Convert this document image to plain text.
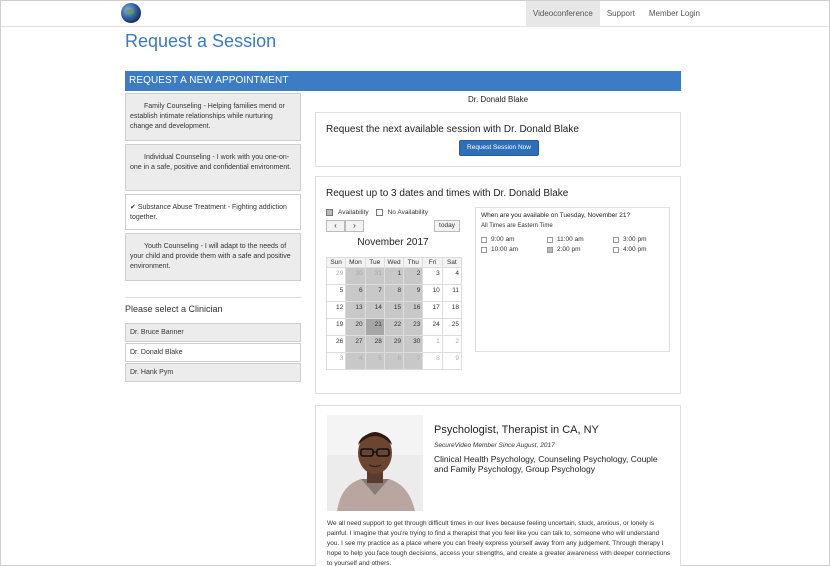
Videoconference	Support	Member Login
Request a Session
REQUEST A NEW APPOINTMENT
Family Counseling - Helping families mend or establish intimate relationships while nurturing change and development.
Individual Counseling - I work with you one-on-one in a safe, positive and confidential environment.
✔ Substance Abuse Treatment - Fighting addiction together.
Youth Counseling - I will adapt to the needs of your child and provide them with a safe and positive environment.
Please select a Clinician
Dr. Bruce Banner
Dr. Donald Blake
Dr. Hank Pym
Dr. Donald Blake
Request the next available session with Dr. Donald Blake
Request Session Now
Request up to 3 dates and times with Dr. Donald Blake
Availability	No Availability
‹	›	today
November 2017
Sun	Mon	Tue	Wed	Thu	Fri	Sat
29	30	31	1	2	3	4
5	6	7	8	9	10	11
12	13	14	15	16	17	18
19	20	21	22	23	24	25
26	27	28	29	30	1	2
3	4	5	6	7	8	9
When are you available on Tuesday, November 21?
All Times are Eastern Time
9:00 am	11:00 am	3:00 pm
10:00 am	2:00 pm	4:00 pm
Psychologist, Therapist in CA, NY
SecureVideo Member Since August, 2017
Clinical Health Psychology, Counseling Psychology, Couple and Family Psychology, Group Psychology
We all need support to get through difficult times in our lives because feeling uncertain, stuck, anxious, or lonely is painful. I imagine that you're trying to find a therapist that you feel like you can talk to, someone who will understand you. I see my practice as a place where you can freely express yourself away from any judgement. Through therapy I hope to help you face tough decisions, access your strengths, and create a greater awareness with deeper connections to yourself and others.
